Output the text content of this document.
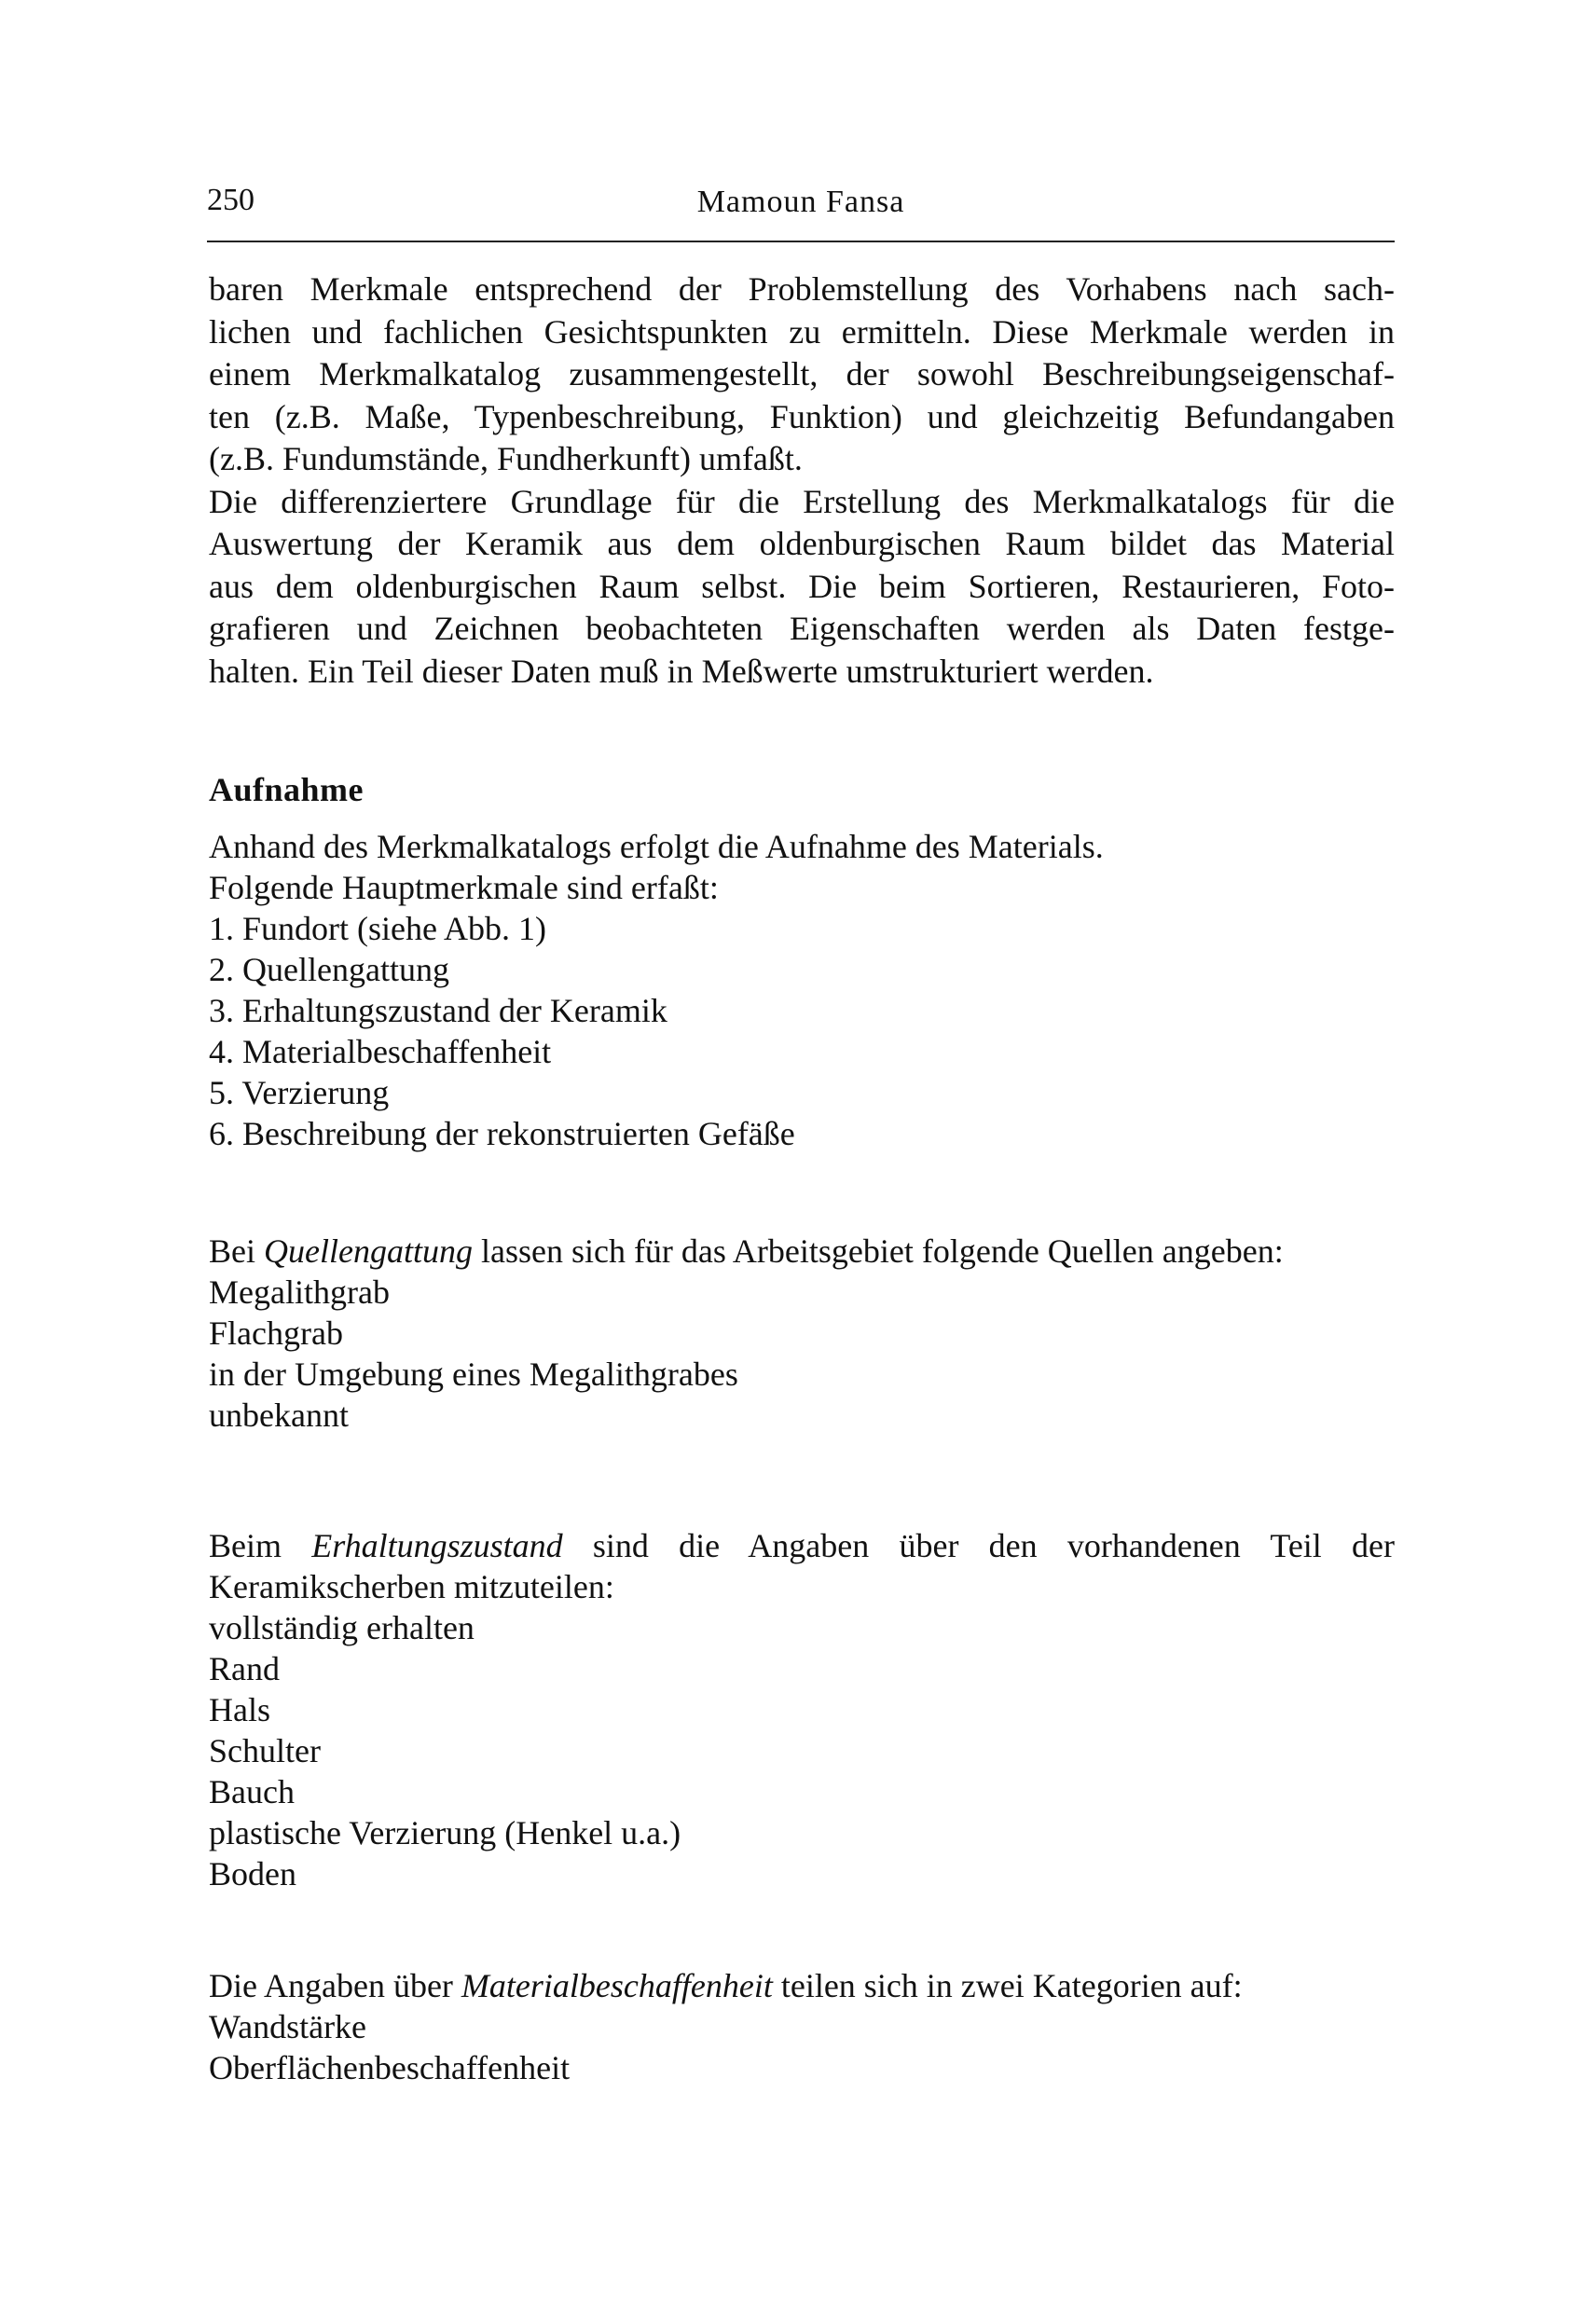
250	Mamoun Fansa
baren Merkmale entsprechend der Problemstellung des Vorhabens nach sach-
lichen und fachlichen Gesichtspunkten zu ermitteln. Diese Merkmale werden in
einem Merkmalkatalog zusammengestellt, der sowohl Beschreibungseigenschaf-
ten (z.B. Maße, Typenbeschreibung, Funktion) und gleichzeitig Befundangaben
(z.B. Fundumstände, Fundherkunft) umfaßt.
Die differenziertere Grundlage für die Erstellung des Merkmalkatalogs für die
Auswertung der Keramik aus dem oldenburgischen Raum bildet das Material
aus dem oldenburgischen Raum selbst. Die beim Sortieren, Restaurieren, Foto-
grafieren und Zeichnen beobachteten Eigenschaften werden als Daten festge-
halten. Ein Teil dieser Daten muß in Meßwerte umstrukturiert werden.
Aufnahme
Anhand des Merkmalkatalogs erfolgt die Aufnahme des Materials.
Folgende Hauptmerkmale sind erfaßt:
1. Fundort (siehe Abb. 1)
2. Quellengattung
3. Erhaltungszustand der Keramik
4. Materialbeschaffenheit
5. Verzierung
6. Beschreibung der rekonstruierten Gefäße
Bei Quellengattung lassen sich für das Arbeitsgebiet folgende Quellen angeben:
Megalithgrab
Flachgrab
in der Umgebung eines Megalithgrabes
unbekannt
Beim Erhaltungszustand sind die Angaben über den vorhandenen Teil der
Keramikscherben mitzuteilen:
vollständig erhalten
Rand
Hals
Schulter
Bauch
plastische Verzierung (Henkel u.a.)
Boden
Die Angaben über Materialbeschaffenheit teilen sich in zwei Kategorien auf:
Wandstärke
Oberflächenbeschaffenheit
